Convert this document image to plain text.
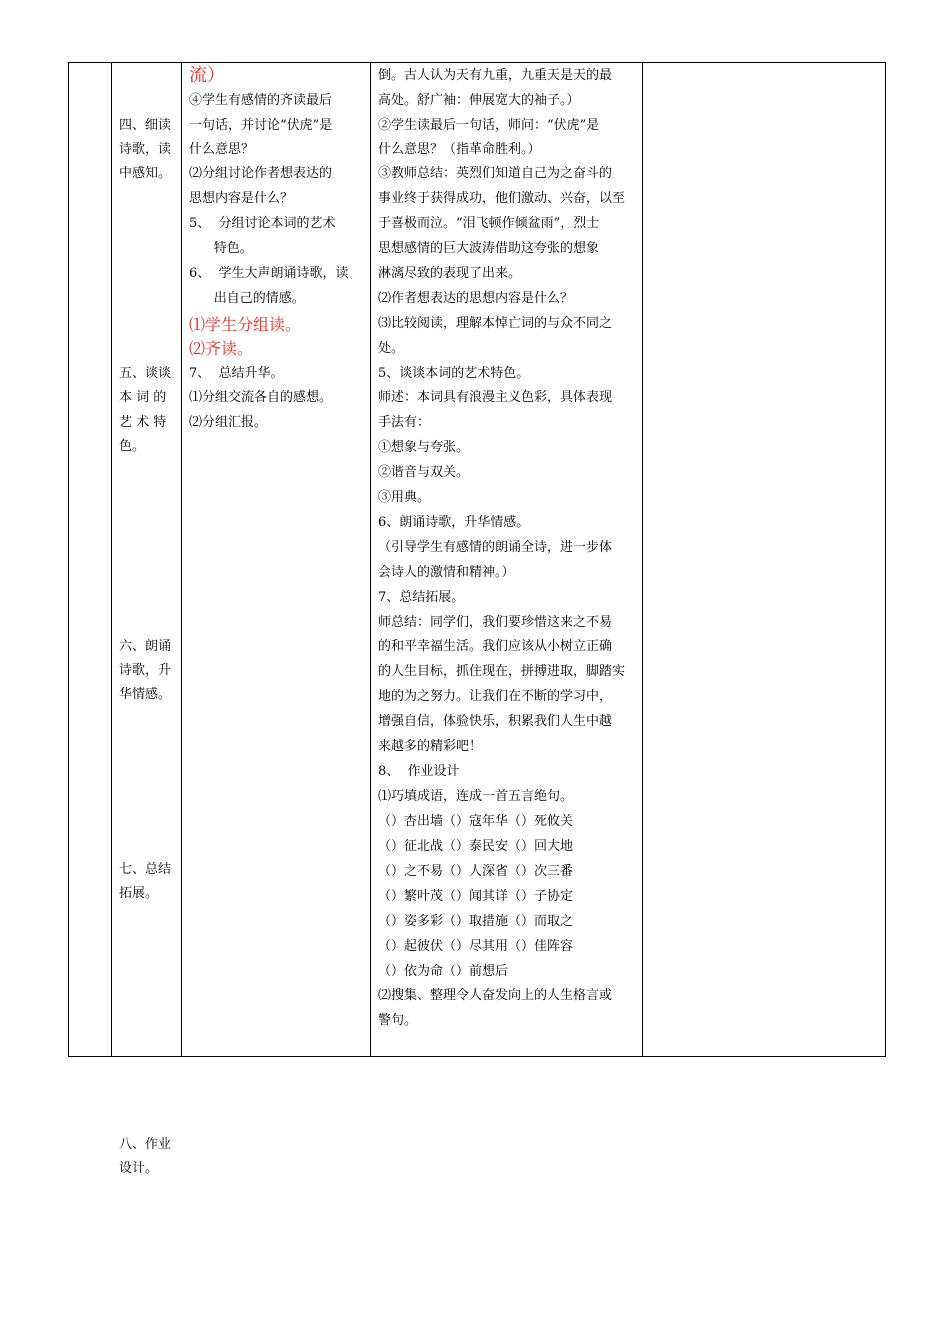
四、细读
诗歌，读
中感知。
五、谈谈
本 词 的
艺 术 特
色。
六、朗诵
诗歌，升
华情感。
七、总结
拓展。
八、作业
设计。
流）
④学生有感情的齐读最后
一句话，并讨论“伏虎”是
什么意思？
⑵分组讨论作者想表达的
思想内容是什么？
5、  分组讨论本词的艺术
特色。
6、  学生大声朗诵诗歌，读
出自己的情感。
⑴学生分组读。
⑵齐读。
7、  总结升华。
⑴分组交流各自的感想。
⑵分组汇报。
倒。古人认为天有九重，九重天是天的最
高处。舒广袖：伸展宽大的袖子。）
②学生读最后一句话，师问：“伏虎”是
什么意思？（指革命胜利。）
③教师总结：英烈们知道自己为之奋斗的
事业终于获得成功，他们激动、兴奋，以至
于喜极而泣。“泪飞顿作倾盆雨”，烈士
思想感情的巨大波涛借助这夸张的想象
淋漓尽致的表现了出来。
⑵作者想表达的思想内容是什么？
⑶比较阅读，理解本悼亡词的与众不同之
处。
5、谈谈本词的艺术特色。
师述：本词具有浪漫主义色彩，具体表现
手法有：
①想象与夸张。
②谐音与双关。
③用典。
6、朗诵诗歌，升华情感。
（引导学生有感情的朗诵全诗，进一步体
会诗人的激情和精神。）
7、总结拓展。
师总结：同学们，我们要珍惜这来之不易
的和平幸福生活。我们应该从小树立正确
的人生目标，抓住现在，拼搏进取，脚踏实
地的为之努力。让我们在不断的学习中，
增强自信，体验快乐，积累我们人生中越
来越多的精彩吧！
8、  作业设计
⑴巧填成语，连成一首五言绝句。
（）杏出墙（）寇年华（）死攸关
（）征北战（）泰民安（）回大地
（）之不易（）人深省（）次三番
（）繁叶茂（）闻其详（）子协定
（）姿多彩（）取措施（）而取之
（）起彼伏（）尽其用（）佳阵容
（）依为命（）前想后
⑵搜集、整理令人奋发向上的人生格言或
警句。
